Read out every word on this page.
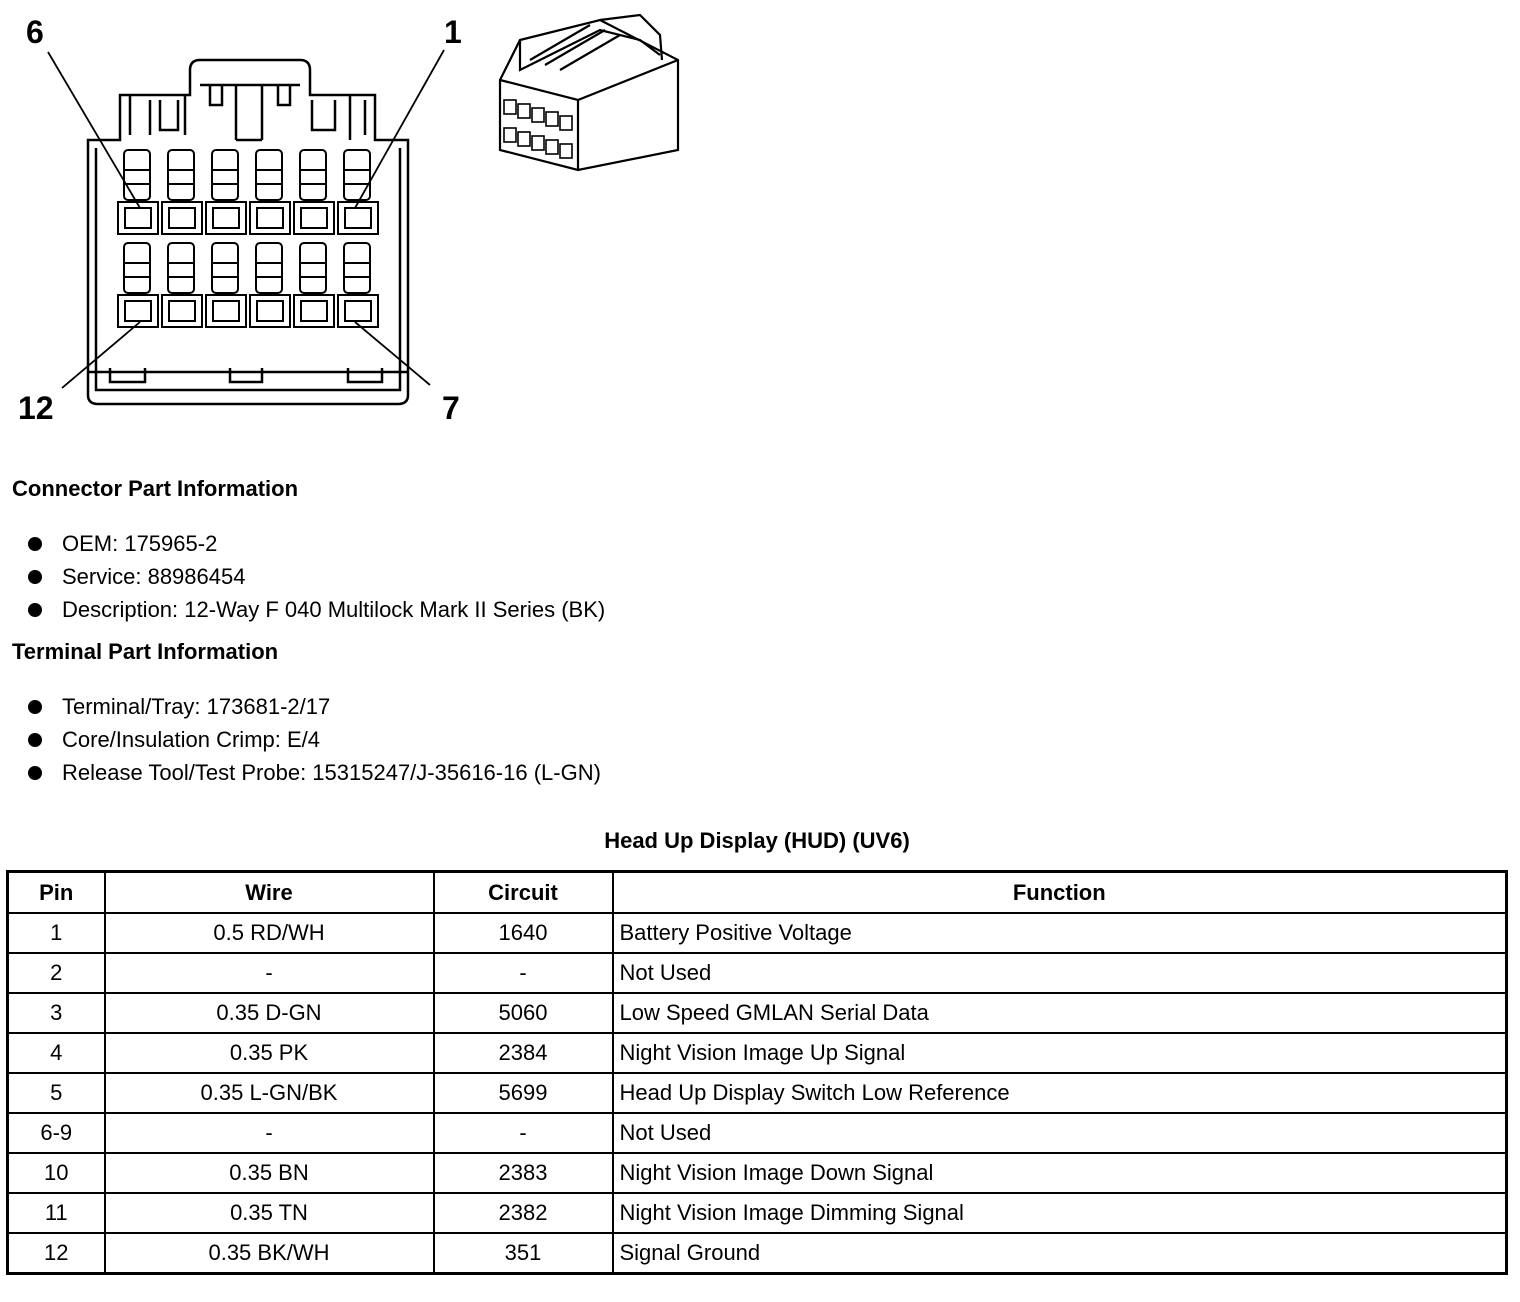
6	1
12	7
Connector Part Information
OEM: 175965-2
Service: 88986454
Description: 12-Way F 040 Multilock Mark II Series (BK)
Terminal Part Information
Terminal/Tray: 173681-2/17
Core/Insulation Crimp: E/4
Release Tool/Test Probe: 15315247/J-35616-16 (L-GN)
Head Up Display (HUD) (UV6)
Pin	Wire	Circuit	Function
1	0.5 RD/WH	1640	Battery Positive Voltage
2	-	-	Not Used
3	0.35 D-GN	5060	Low Speed GMLAN Serial Data
4	0.35 PK	2384	Night Vision Image Up Signal
5	0.35 L-GN/BK	5699	Head Up Display Switch Low Reference
6-9	-	-	Not Used
10	0.35 BN	2383	Night Vision Image Down Signal
11	0.35 TN	2382	Night Vision Image Dimming Signal
12	0.35 BK/WH	351	Signal Ground
